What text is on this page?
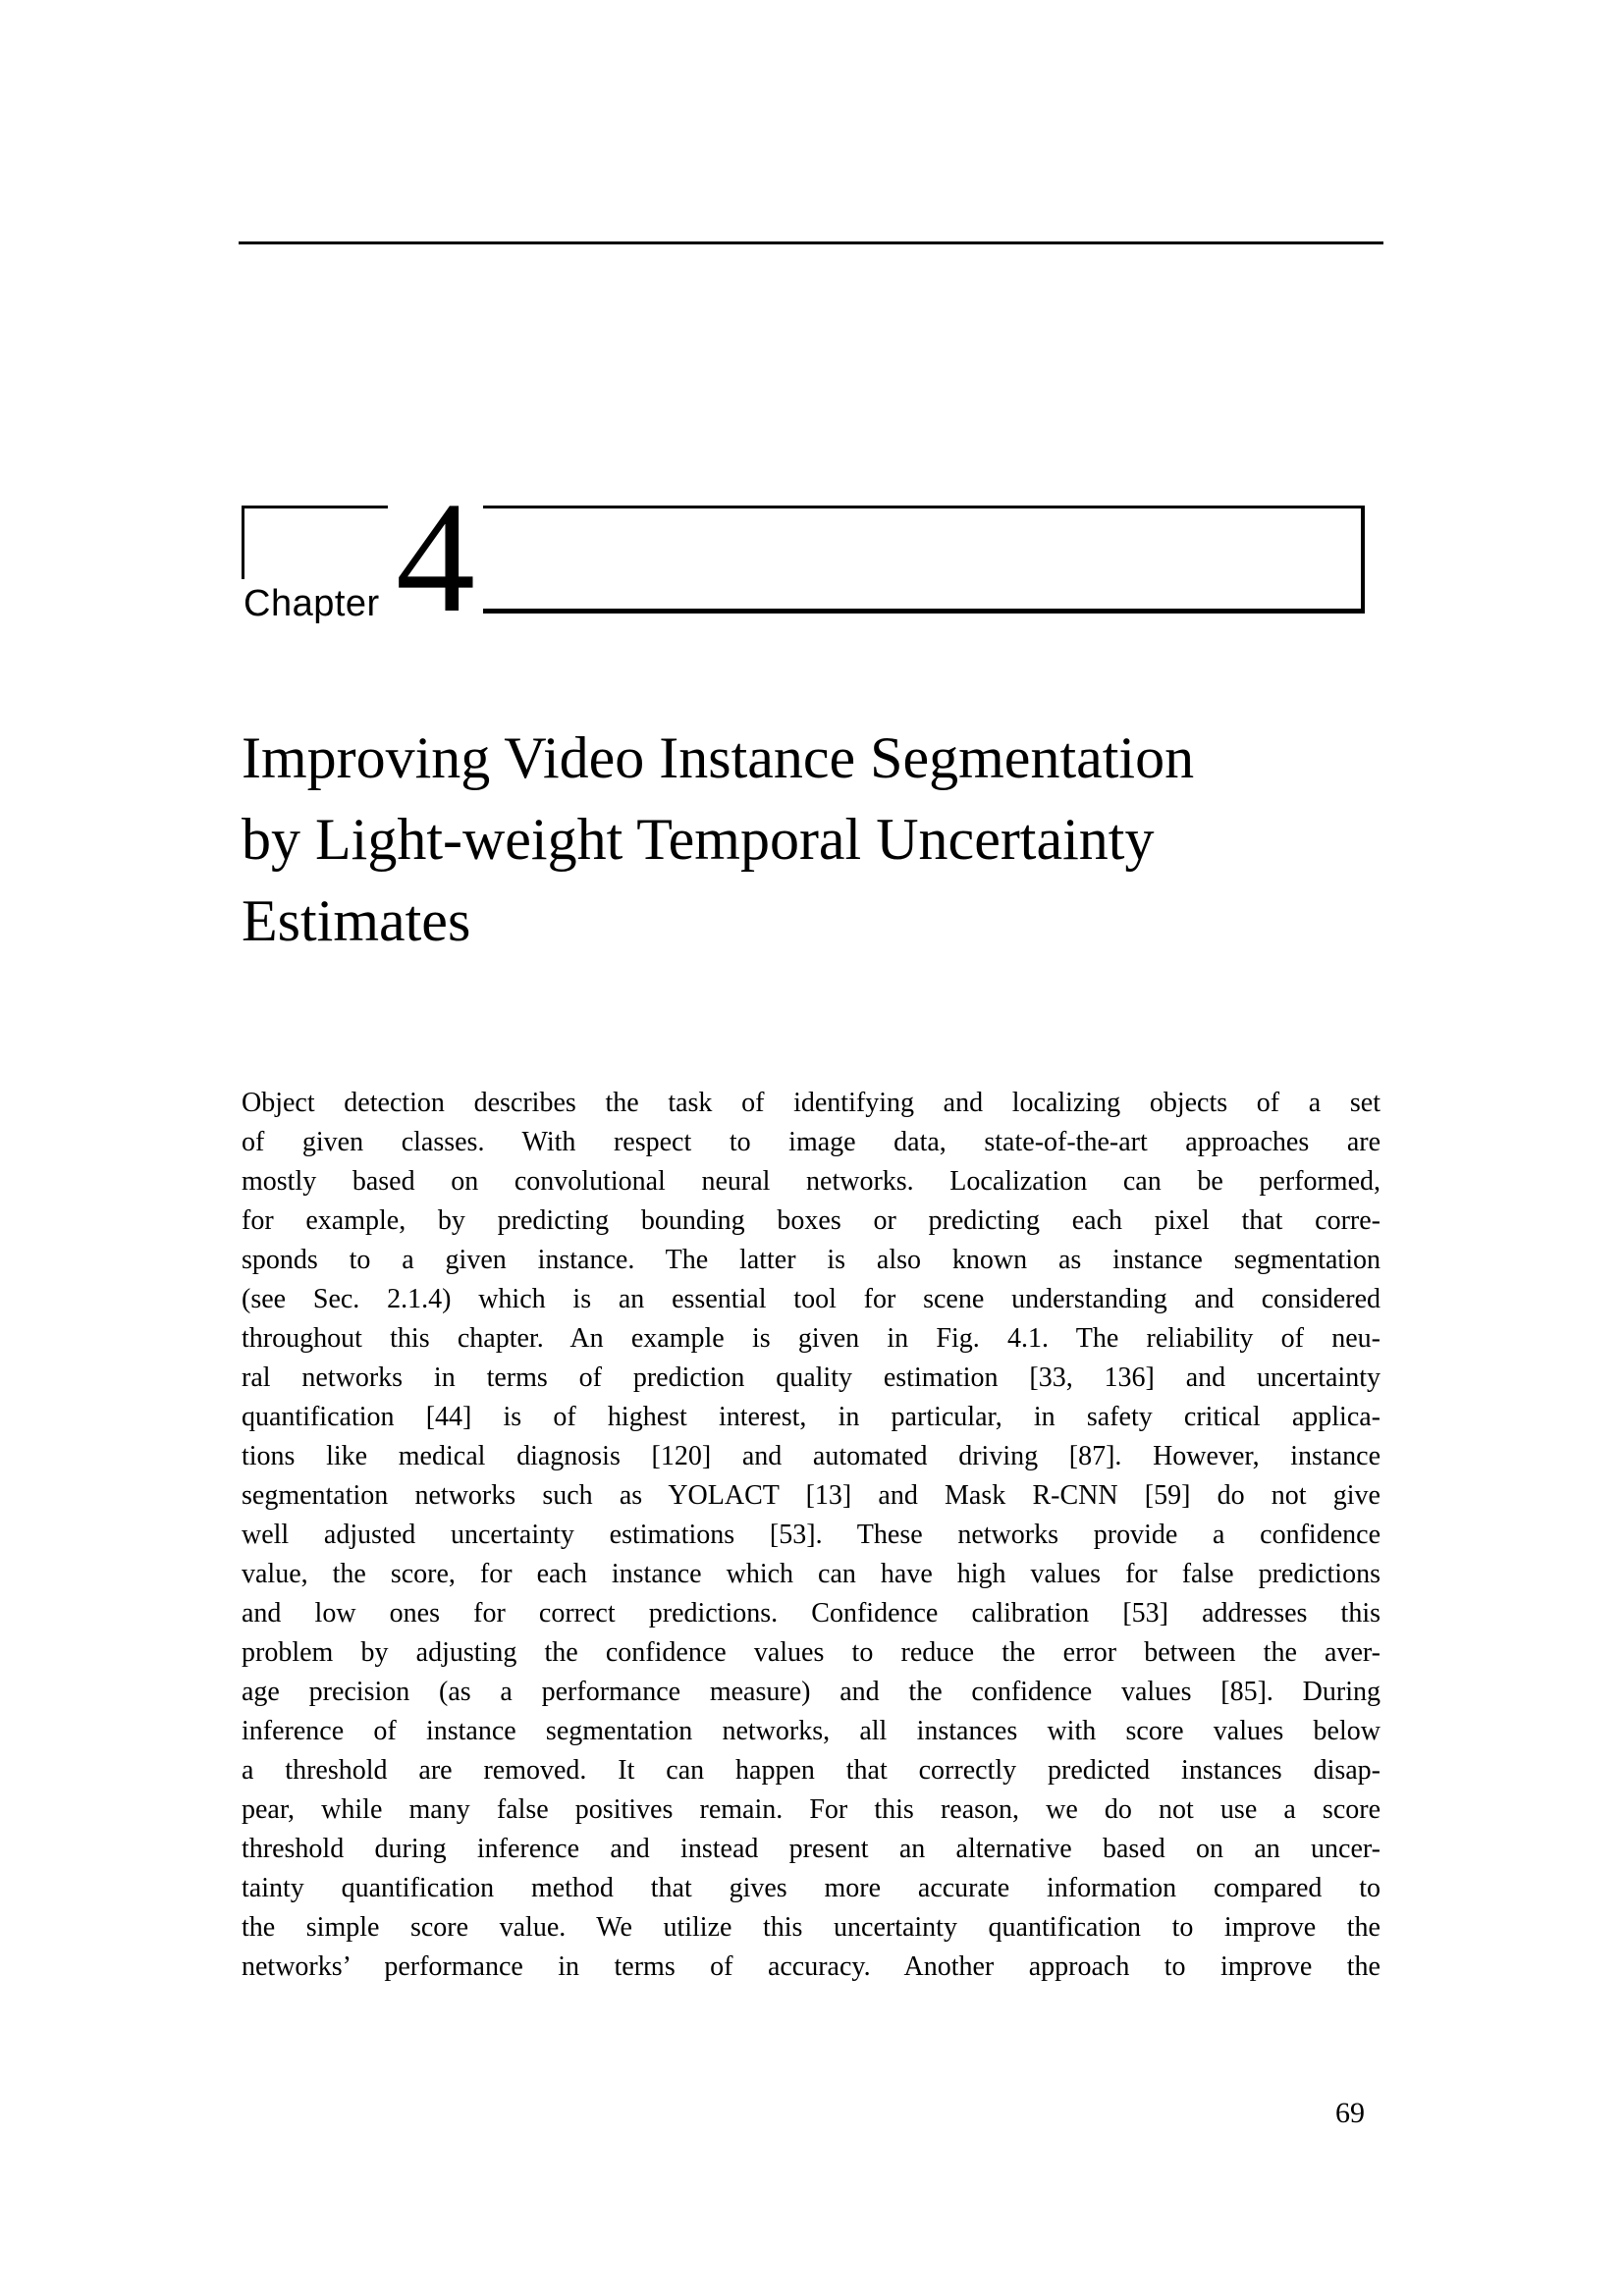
Chapter 4
Improving Video Instance Segmentation
by Light-weight Temporal Uncertainty
Estimates
Object detection describes the task of identifying and localizing objects of a set
of given classes. With respect to image data, state-of-the-art approaches are
mostly based on convolutional neural networks. Localization can be performed,
for example, by predicting bounding boxes or predicting each pixel that corre-
sponds to a given instance. The latter is also known as instance segmentation
(see Sec. 2.1.4) which is an essential tool for scene understanding and considered
throughout this chapter. An example is given in Fig. 4.1. The reliability of neu-
ral networks in terms of prediction quality estimation [33, 136] and uncertainty
quantification [44] is of highest interest, in particular, in safety critical applica-
tions like medical diagnosis [120] and automated driving [87]. However, instance
segmentation networks such as YOLACT [13] and Mask R-CNN [59] do not give
well adjusted uncertainty estimations [53]. These networks provide a confidence
value, the score, for each instance which can have high values for false predictions
and low ones for correct predictions. Confidence calibration [53] addresses this
problem by adjusting the confidence values to reduce the error between the aver-
age precision (as a performance measure) and the confidence values [85]. During
inference of instance segmentation networks, all instances with score values below
a threshold are removed. It can happen that correctly predicted instances disap-
pear, while many false positives remain. For this reason, we do not use a score
threshold during inference and instead present an alternative based on an uncer-
tainty quantification method that gives more accurate information compared to
the simple score value. We utilize this uncertainty quantification to improve the
networks’ performance in terms of accuracy. Another approach to improve the
69
